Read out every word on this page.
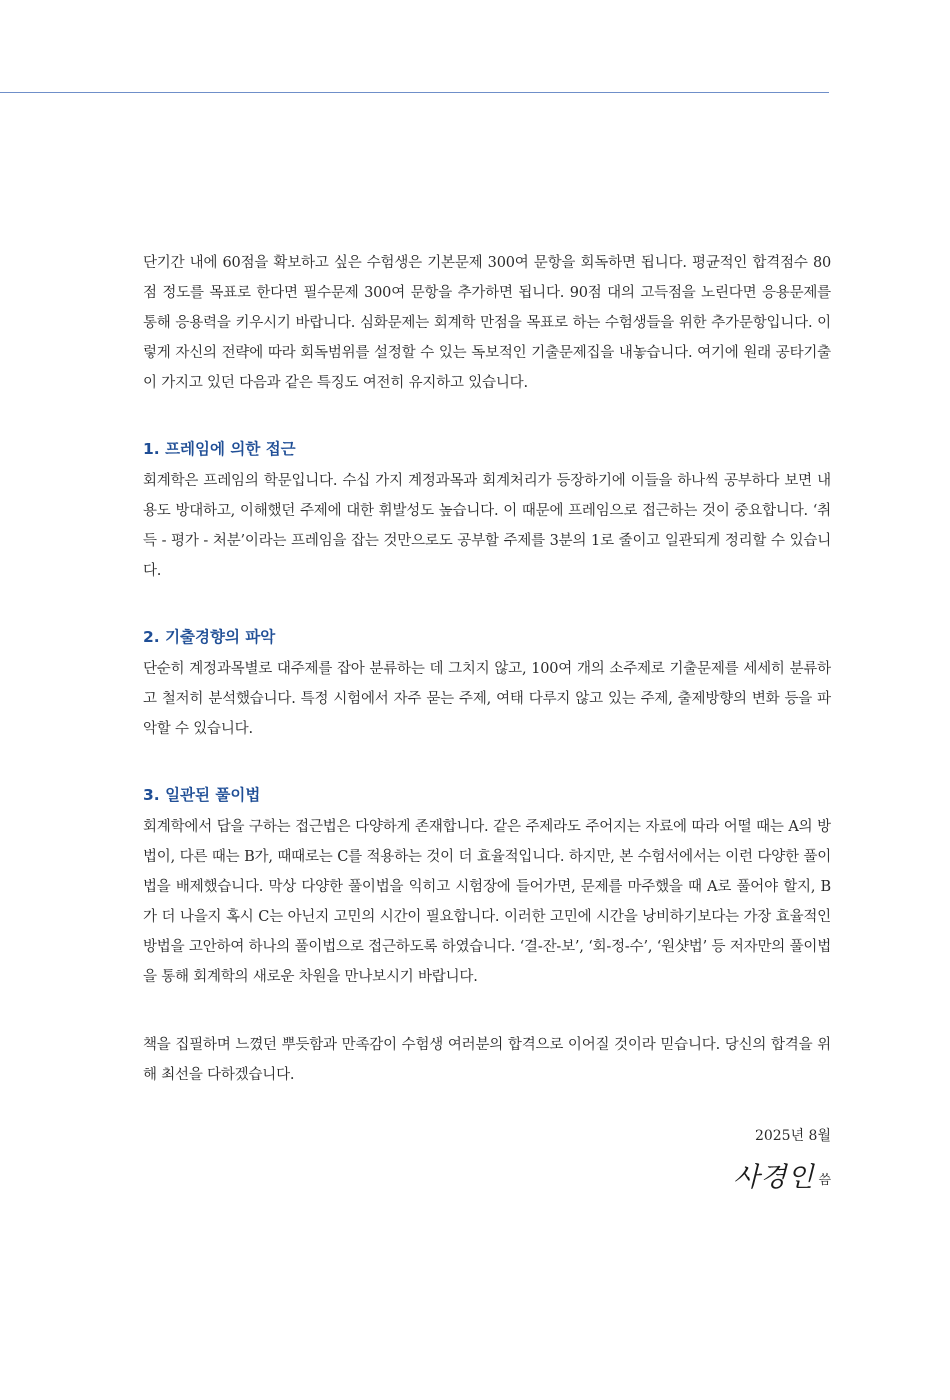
단기간 내에 60점을 확보하고 싶은 수험생은 기본문제 300여 문항을 회독하면 됩니다. 평균적인 합격점수 80점 정도를 목표로 한다면 필수문제 300여 문항을 추가하면 됩니다. 90점 대의 고득점을 노린다면 응용문제를 통해 응용력을 키우시기 바랍니다. 심화문제는 회계학 만점을 목표로 하는 수험생들을 위한 추가문항입니다. 이렇게 자신의 전략에 따라 회독범위를 설정할 수 있는 독보적인 기출문제집을 내놓습니다. 여기에 원래 공타기출이 가지고 있던 다음과 같은 특징도 여전히 유지하고 있습니다.

1. 프레임에 의한 접근

회계학은 프레임의 학문입니다. 수십 가지 계정과목과 회계처리가 등장하기에 이들을 하나씩 공부하다 보면 내용도 방대하고, 이해했던 주제에 대한 휘발성도 높습니다. 이 때문에 프레임으로 접근하는 것이 중요합니다. ‘취득 - 평가 - 처분’이라는 프레임을 잡는 것만으로도 공부할 주제를 3분의 1로 줄이고 일관되게 정리할 수 있습니다.

2. 기출경향의 파악

단순히 계정과목별로 대주제를 잡아 분류하는 데 그치지 않고, 100여 개의 소주제로 기출문제를 세세히 분류하고 철저히 분석했습니다. 특정 시험에서 자주 묻는 주제, 여태 다루지 않고 있는 주제, 출제방향의 변화 등을 파악할 수 있습니다.

3. 일관된 풀이법

회계학에서 답을 구하는 접근법은 다양하게 존재합니다. 같은 주제라도 주어지는 자료에 따라 어떨 때는 A의 방법이, 다른 때는 B가, 때때로는 C를 적용하는 것이 더 효율적입니다. 하지만, 본 수험서에서는 이런 다양한 풀이법을 배제했습니다. 막상 다양한 풀이법을 익히고 시험장에 들어가면, 문제를 마주했을 때 A로 풀어야 할지, B가 더 나을지 혹시 C는 아닌지 고민의 시간이 필요합니다. 이러한 고민에 시간을 낭비하기보다는 가장 효율적인 방법을 고안하여 하나의 풀이법으로 접근하도록 하였습니다. ‘결-잔-보’, ‘회-정-수’, ‘원샷법’ 등 저자만의 풀이법을 통해 회계학의 새로운 차원을 만나보시기 바랍니다.

책을 집필하며 느꼈던 뿌듯함과 만족감이 수험생 여러분의 합격으로 이어질 것이라 믿습니다. 당신의 합격을 위해 최선을 다하겠습니다.

2025년 8월
사경인 씀
